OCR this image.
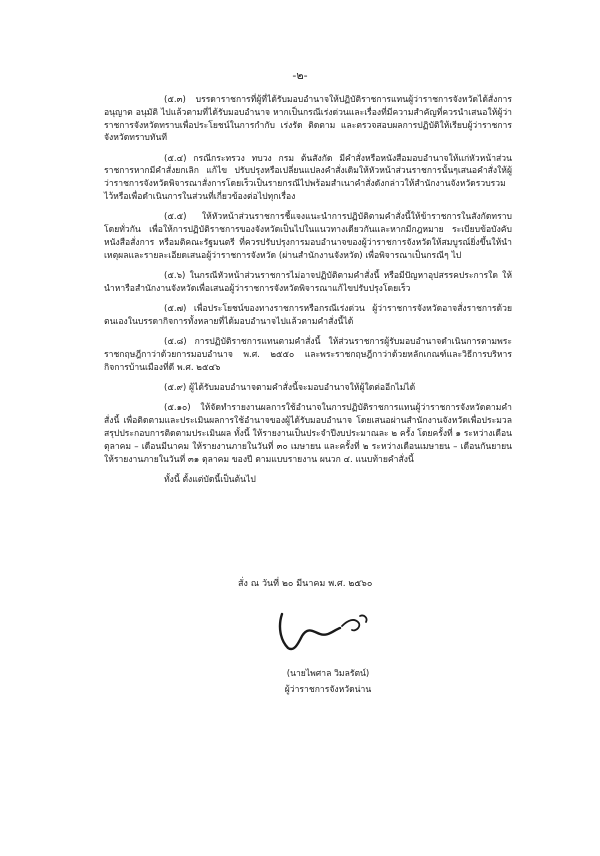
-๒-

(๕.๓) บรรดาราชการที่ผู้ที่ได้รับมอบอำนาจให้ปฏิบัติราชการแทนผู้ว่าราชการจังหวัดได้สั่งการ อนุญาต อนุมัติ ไปแล้วตามที่ได้รับมอบอำนาจ หากเป็นกรณีเร่งด่วนและเรื่องที่มีความสำคัญที่ควรนำเสนอให้ผู้ว่าราชการจังหวัดทราบเพื่อประโยชน์ในการกำกับ เร่งรัด ติดตาม และตรวจสอบผลการปฏิบัติให้เรียบผู้ว่าราชการจังหวัดทราบทันที

(๕.๔) กรณีกระทรวง ทบวง กรม ต้นสังกัด มีคำสั่งหรือหนังสือมอบอำนาจให้แก่หัวหน้าส่วนราชการหากมีคำสั่งยกเลิก แก้ไข ปรับปรุงหรือเปลี่ยนแปลงคำสั่งเดิมให้หัวหน้าส่วนราชการนั้นๆเสนอคำสั่งให้ผู้ว่าราชการจังหวัดพิจารณาสั่งการโดยเร็วเป็นรายกรณีไปพร้อมสำเนาคำสั่งดังกล่าวให้สำนักงานจังหวัดรวบรวมไว้หรือเพื่อดำเนินการในส่วนที่เกี่ยวข้องต่อไปทุกเรื่อง

(๕.๕) ให้หัวหน้าส่วนราชการชี้แจงแนะนำการปฏิบัติตามคำสั่งนี้ให้ข้าราชการในสังกัดทราบโดยทั่วกัน เพื่อให้การปฏิบัติราชการของจังหวัดเป็นไปในแนวทางเดียวกันและหากมีกฎหมาย ระเบียบข้อบังคับ หนังสือสั่งการ หรือมติคณะรัฐมนตรี ที่ควรปรับปรุงการมอบอำนาจของผู้ว่าราชการจังหวัดให้สมบูรณ์ยิ่งขึ้นให้นำเหตุผลและรายละเอียดเสนอผู้ว่าราชการจังหวัด (ผ่านสำนักงานจังหวัด) เพื่อพิจารณาเป็นกรณีๆ ไป

(๕.๖) ในกรณีหัวหน้าส่วนราชการไม่อาจปฏิบัติตามคำสั่งนี้ หรือมีปัญหาอุปสรรคประการใด ให้นำหารือสำนักงานจังหวัดเพื่อเสนอผู้ว่าราชการจังหวัดพิจารณาแก้ไขปรับปรุงโดยเร็ว

(๕.๗) เพื่อประโยชน์ของทางราชการหรือกรณีเร่งด่วน ผู้ว่าราชการจังหวัดอาจสั่งราชการด้วยตนเองในบรรดากิจการทั้งหลายที่ได้มอบอำนาจไปแล้วตามคำสั่งนี้ได้

(๕.๘) การปฏิบัติราชการแทนตามคำสั่งนี้ ให้ส่วนราชการผู้รับมอบอำนาจดำเนินการตามพระราชกฤษฎีกาว่าด้วยการมอบอำนาจ พ.ศ. ๒๕๕๐ และพระราชกฤษฎีกาว่าด้วยหลักเกณฑ์และวิธีการบริหารกิจการบ้านเมืองที่ดี พ.ศ. ๒๕๔๖

(๕.๙) ผู้ได้รับมอบอำนาจตามคำสั่งนี้จะมอบอำนาจให้ผู้ใดต่ออีกไม่ได้

(๕.๑๐) ให้จัดทำรายงานผลการใช้อำนาจในการปฏิบัติราชการแทนผู้ว่าราชการจังหวัดตามคำสั่งนี้ เพื่อติดตามและประเมินผลการใช้อำนาจของผู้ได้รับมอบอำนาจ โดยเสนอผ่านสำนักงานจังหวัดเพื่อประมวลสรุปประกอบการติดตามประเมินผล ทั้งนี้ ให้รายงานเป็นประจำปีงบประมาณละ ๒ ครั้ง โดยครั้งที่ ๑ ระหว่างเดือนตุลาคม – เดือนมีนาคม ให้รายงานภายในวันที่ ๓๐ เมษายน และครั้งที่ ๒ ระหว่างเดือนเมษายน – เดือนกันยายน ให้รายงานภายในวันที่ ๓๑ ตุลาคม ของปี ตามแบบรายงาน ผนวก ๔. แนบท้ายคำสั่งนี้

ทั้งนี้ ตั้งแต่บัดนี้เป็นต้นไป

สั่ง ณ วันที่ ๒๐ มีนาคม พ.ศ. ๒๕๖๐
(นายไพศาล วิมลรัตน์)
ผู้ว่าราชการจังหวัดน่าน
